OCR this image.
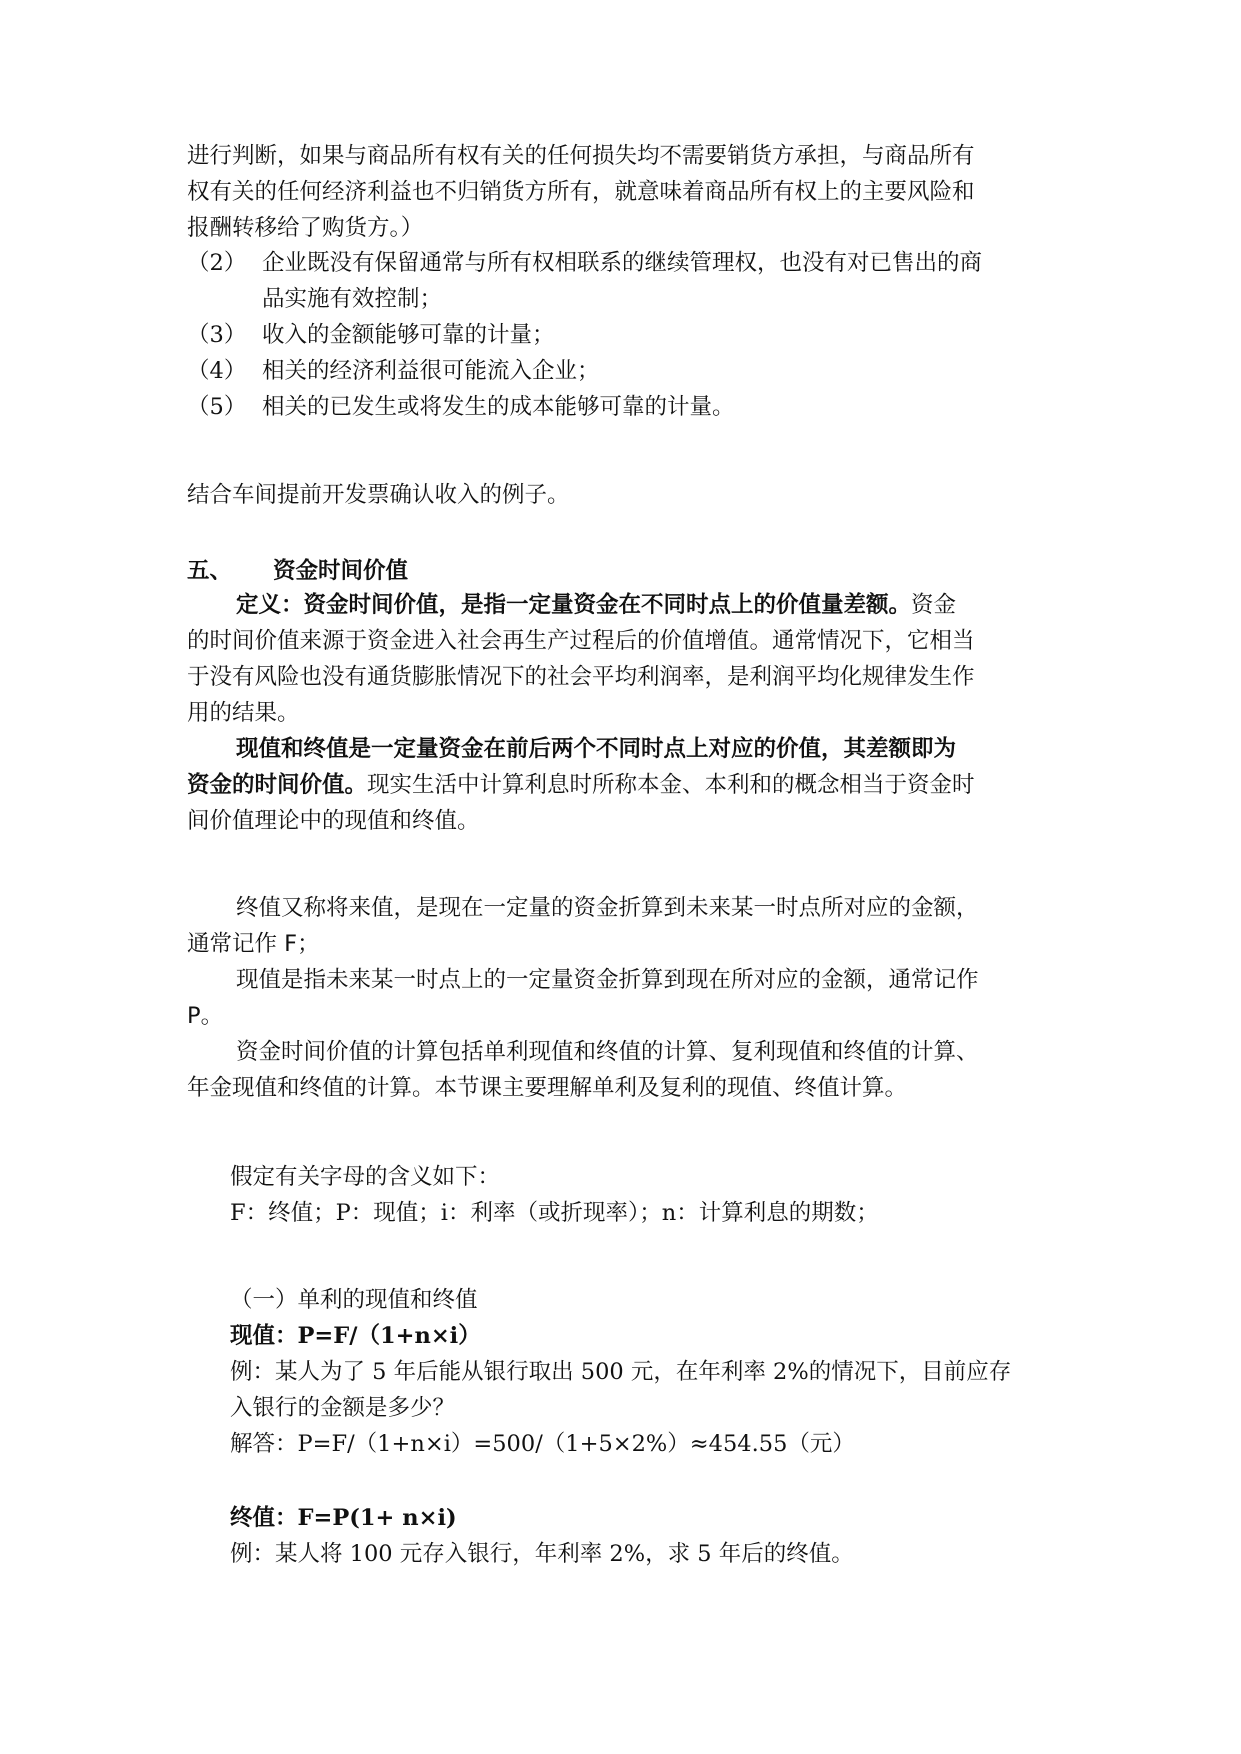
进行判断，如果与商品所有权有关的任何损失均不需要销货方承担，与商品所有

权有关的任何经济利益也不归销货方所有，就意味着商品所有权上的主要风险和

报酬转移给了购货方。）

（2） 企业既没有保留通常与所有权相联系的继续管理权，也没有对已售出的商

品实施有效控制；

（3） 收入的金额能够可靠的计量；

（4） 相关的经济利益很可能流入企业；

（5） 相关的已发生或将发生的成本能够可靠的计量。

结合车间提前开发票确认收入的例子。

五、 资金时间价值

定义：资金时间价值，是指一定量资金在不同时点上的价值量差额。资金

的时间价值来源于资金进入社会再生产过程后的价值增值。通常情况下，它相当

于没有风险也没有通货膨胀情况下的社会平均利润率，是利润平均化规律发生作

用的结果。

现值和终值是一定量资金在前后两个不同时点上对应的价值，其差额即为

资金的时间价值。现实生活中计算利息时所称本金、本利和的概念相当于资金时

间价值理论中的现值和终值。

终值又称将来值，是现在一定量的资金折算到未来某一时点所对应的金额，

通常记作 F；

现值是指未来某一时点上的一定量资金折算到现在所对应的金额，通常记作

P。

资金时间价值的计算包括单利现值和终值的计算、复利现值和终值的计算、

年金现值和终值的计算。本节课主要理解单利及复利的现值、终值计算。

假定有关字母的含义如下：

F：终值；P：现值；i：利率（或折现率）；n：计算利息的期数；

（一）单利的现值和终值

现值：P=F/（1+n×i）

例：某人为了 5 年后能从银行取出 500 元，在年利率 2%的情况下，目前应存

入银行的金额是多少？

解答：P=F/（1+n×i）=500/（1+5×2%）≈454.55（元）

终值：F=P(1+ n×i)

例：某人将 100 元存入银行，年利率 2%，求 5 年后的终值。
